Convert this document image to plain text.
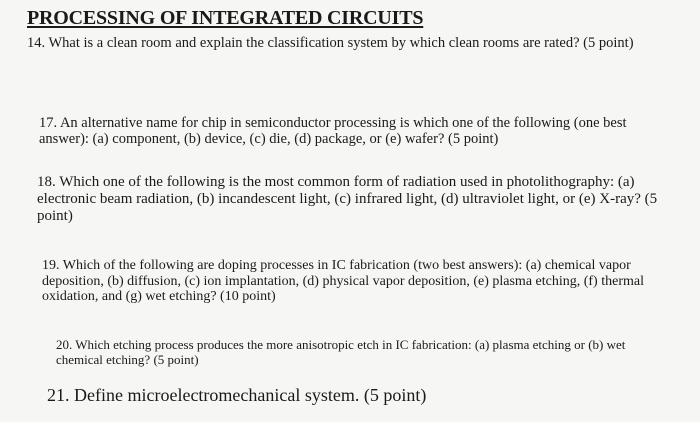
PROCESSING OF INTEGRATED CIRCUITS
14. What is a clean room and explain the classification system by which clean rooms are rated? (5 point)
17. An alternative name for chip in semiconductor processing is which one of the following (one best answer): (a) component, (b) device, (c) die, (d) package, or (e) wafer? (5 point)
18. Which one of the following is the most common form of radiation used in photolithography: (a) electronic beam radiation, (b) incandescent light, (c) infrared light, (d) ultraviolet light, or (e) X-ray? (5 point)
19. Which of the following are doping processes in IC fabrication (two best answers): (a) chemical vapor deposition, (b) diffusion, (c) ion implantation, (d) physical vapor deposition, (e) plasma etching, (f) thermal oxidation, and (g) wet etching? (10 point)
20. Which etching process produces the more anisotropic etch in IC fabrication: (a) plasma etching or (b) wet chemical etching? (5 point)
21. Define microelectromechanical system. (5 point)
